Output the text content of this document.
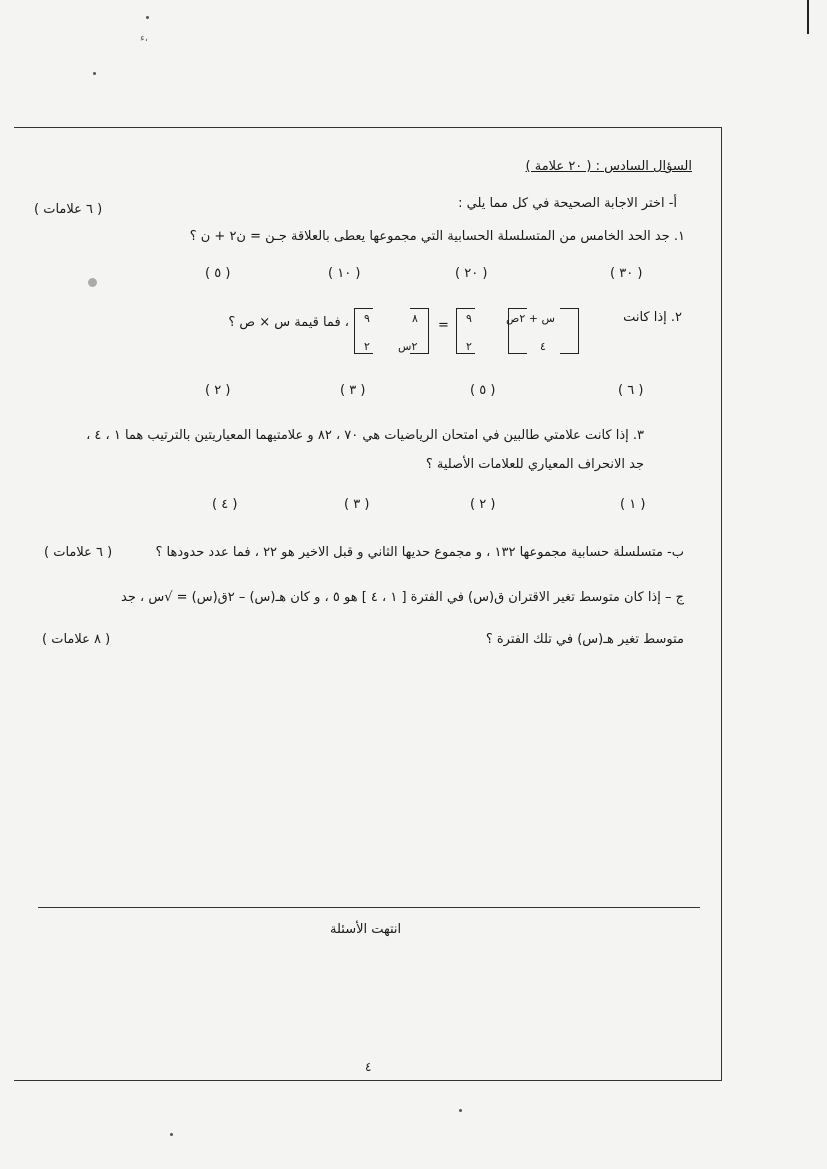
،ء
السؤال السادس : ( ٢٠ علامة )
أ- اختر الاجابة الصحيحة في كل مما يلي :
( ٦ علامات )
١. جد الحد الخامس من المتسلسلة الحسابية التي مجموعها يعطى بالعلاقة جـن = ن٢ + ن ؟
( ٣٠ )
( ٢٠ )
( ١٠ )
( ٥ )
٢. إذا كانت
س + ٢ص
٩
٤
٢
=
٨
٩
٢س
٢
، فما قيمة س × ص ؟
( ٦ )
( ٥ )
( ٣ )
( ٢ )
٣. إذا كانت علامتي طالبين في امتحان الرياضيات هي ٧٠ ، ٨٢ و علامتيهما المعياريتين بالترتيب هما ١ ، ٤ ،
جد الانحراف المعياري للعلامات الأصلية ؟
( ١ )
( ٢ )
( ٣ )
( ٤ )
ب- متسلسلة حسابية مجموعها ١٣٢ ، و مجموع حديها الثاني و قبل الاخير هو ٢٢ ، فما عدد حدودها ؟
( ٦ علامات )
ج – إذا كان متوسط تغير الاقتران ق(س) في الفترة [ ١ ، ٤ ] هو ٥ ، و كان هـ(س) – ٢ق(س) = √س ، جد
متوسط تغير هـ(س) في تلك الفترة ؟
( ٨ علامات )
انتهت الأسئلة
٤
